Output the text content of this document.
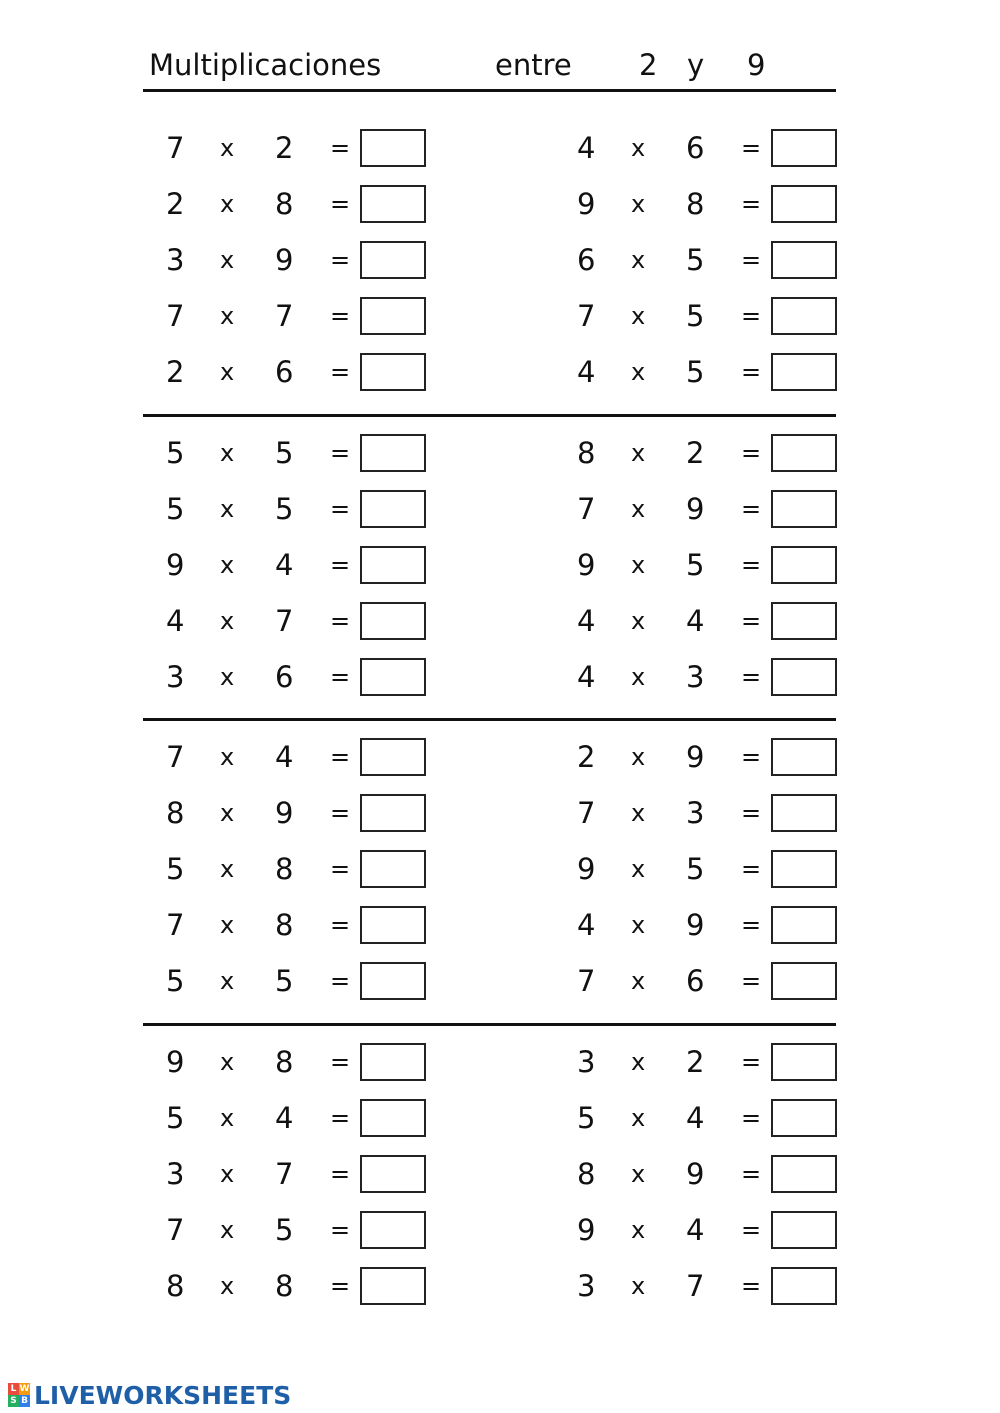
Multiplicaciones	entre 2 y 9
7 x 2 =	4 x 6 =
2 x 8 =	9 x 8 =
3 x 9 =	6 x 5 =
7 x 7 =	7 x 5 =
2 x 6 =	4 x 5 =
5 x 5 =	8 x 2 =
5 x 5 =	7 x 9 =
9 x 4 =	9 x 5 =
4 x 7 =	4 x 4 =
3 x 6 =	4 x 3 =
7 x 4 =	2 x 9 =
8 x 9 =	7 x 3 =
5 x 8 =	9 x 5 =
7 x 8 =	4 x 9 =
5 x 5 =	7 x 6 =
9 x 8 =	3 x 2 =
5 x 4 =	5 x 4 =
3 x 7 =	8 x 9 =
7 x 5 =	9 x 4 =
8 x 8 =	3 x 7 =
L W
S B LIVEWORKSHEETS
